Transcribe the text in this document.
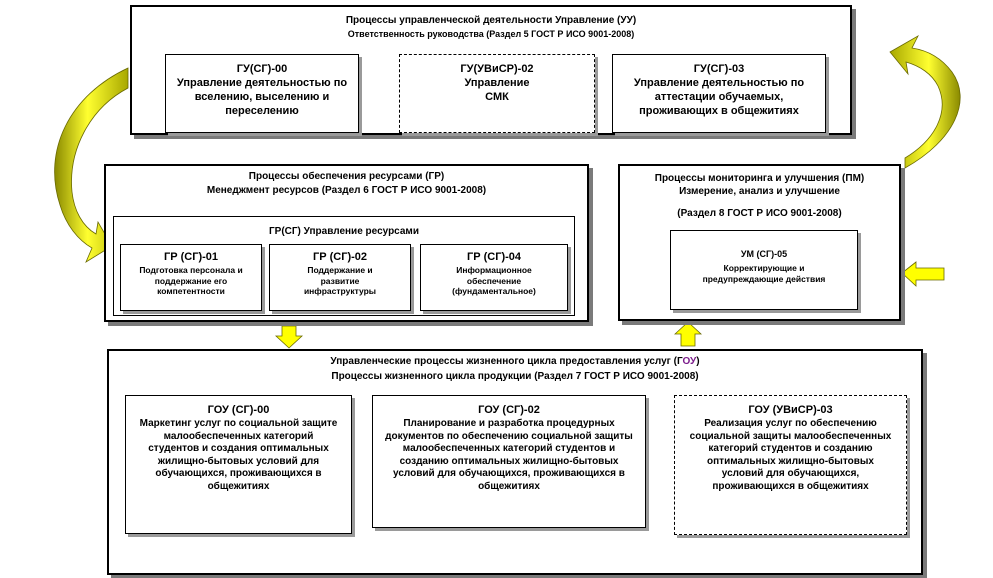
Процессы управленческой деятельности Управление (УУ)
Ответственность руководства (Раздел 5 ГОСТ Р ИСО 9001-2008)
ГУ(СГ)-00
Управление деятельностью по вселению, выселению и переселению
ГУ(УВиСР)-02
Управление СМК
ГУ(СГ)-03
Управление деятельностью по аттестации обучаемых, проживающих в общежитиях
Процессы обеспечения ресурсами (ГР)
Менеджмент ресурсов (Раздел 6 ГОСТ Р ИСО 9001-2008)
ГР(СГ) Управление ресурсами
ГР (СГ)-01
Подготовка персонала и поддержание его компетентности
ГР (СГ)-02
Поддержание и развитие инфраструктуры
ГР (СГ)-04
Информационное обеспечение (фундаментальное)
Процессы мониторинга и улучшения (ПМ)
Измерение, анализ и улучшение
(Раздел 8 ГОСТ Р ИСО 9001-2008)
УМ (СГ)-05
Корректирующие и предупреждающие действия
Управленческие процессы жизненного цикла предоставления услуг (ГОУ)
Процессы жизненного цикла продукции (Раздел 7 ГОСТ Р ИСО 9001-2008)
ГОУ (СГ)-00
Маркетинг услуг по социальной защите малообеспеченных категорий студентов и создания оптимальных жилищно-бытовых условий для обучающихся, проживающихся в общежитиях
ГОУ (СГ)-02
Планирование и разработка процедурных документов по обеспечению социальной защиты малообеспеченных категорий студентов и созданию оптимальных жилищно-бытовых условий для обучающихся, проживающихся в общежитиях
ГОУ (УВиСР)-03
Реализация услуг по обеспечению социальной защиты малообеспеченных категорий студентов и созданию оптимальных жилищно-бытовых условий для обучающихся, проживающихся в общежитиях
